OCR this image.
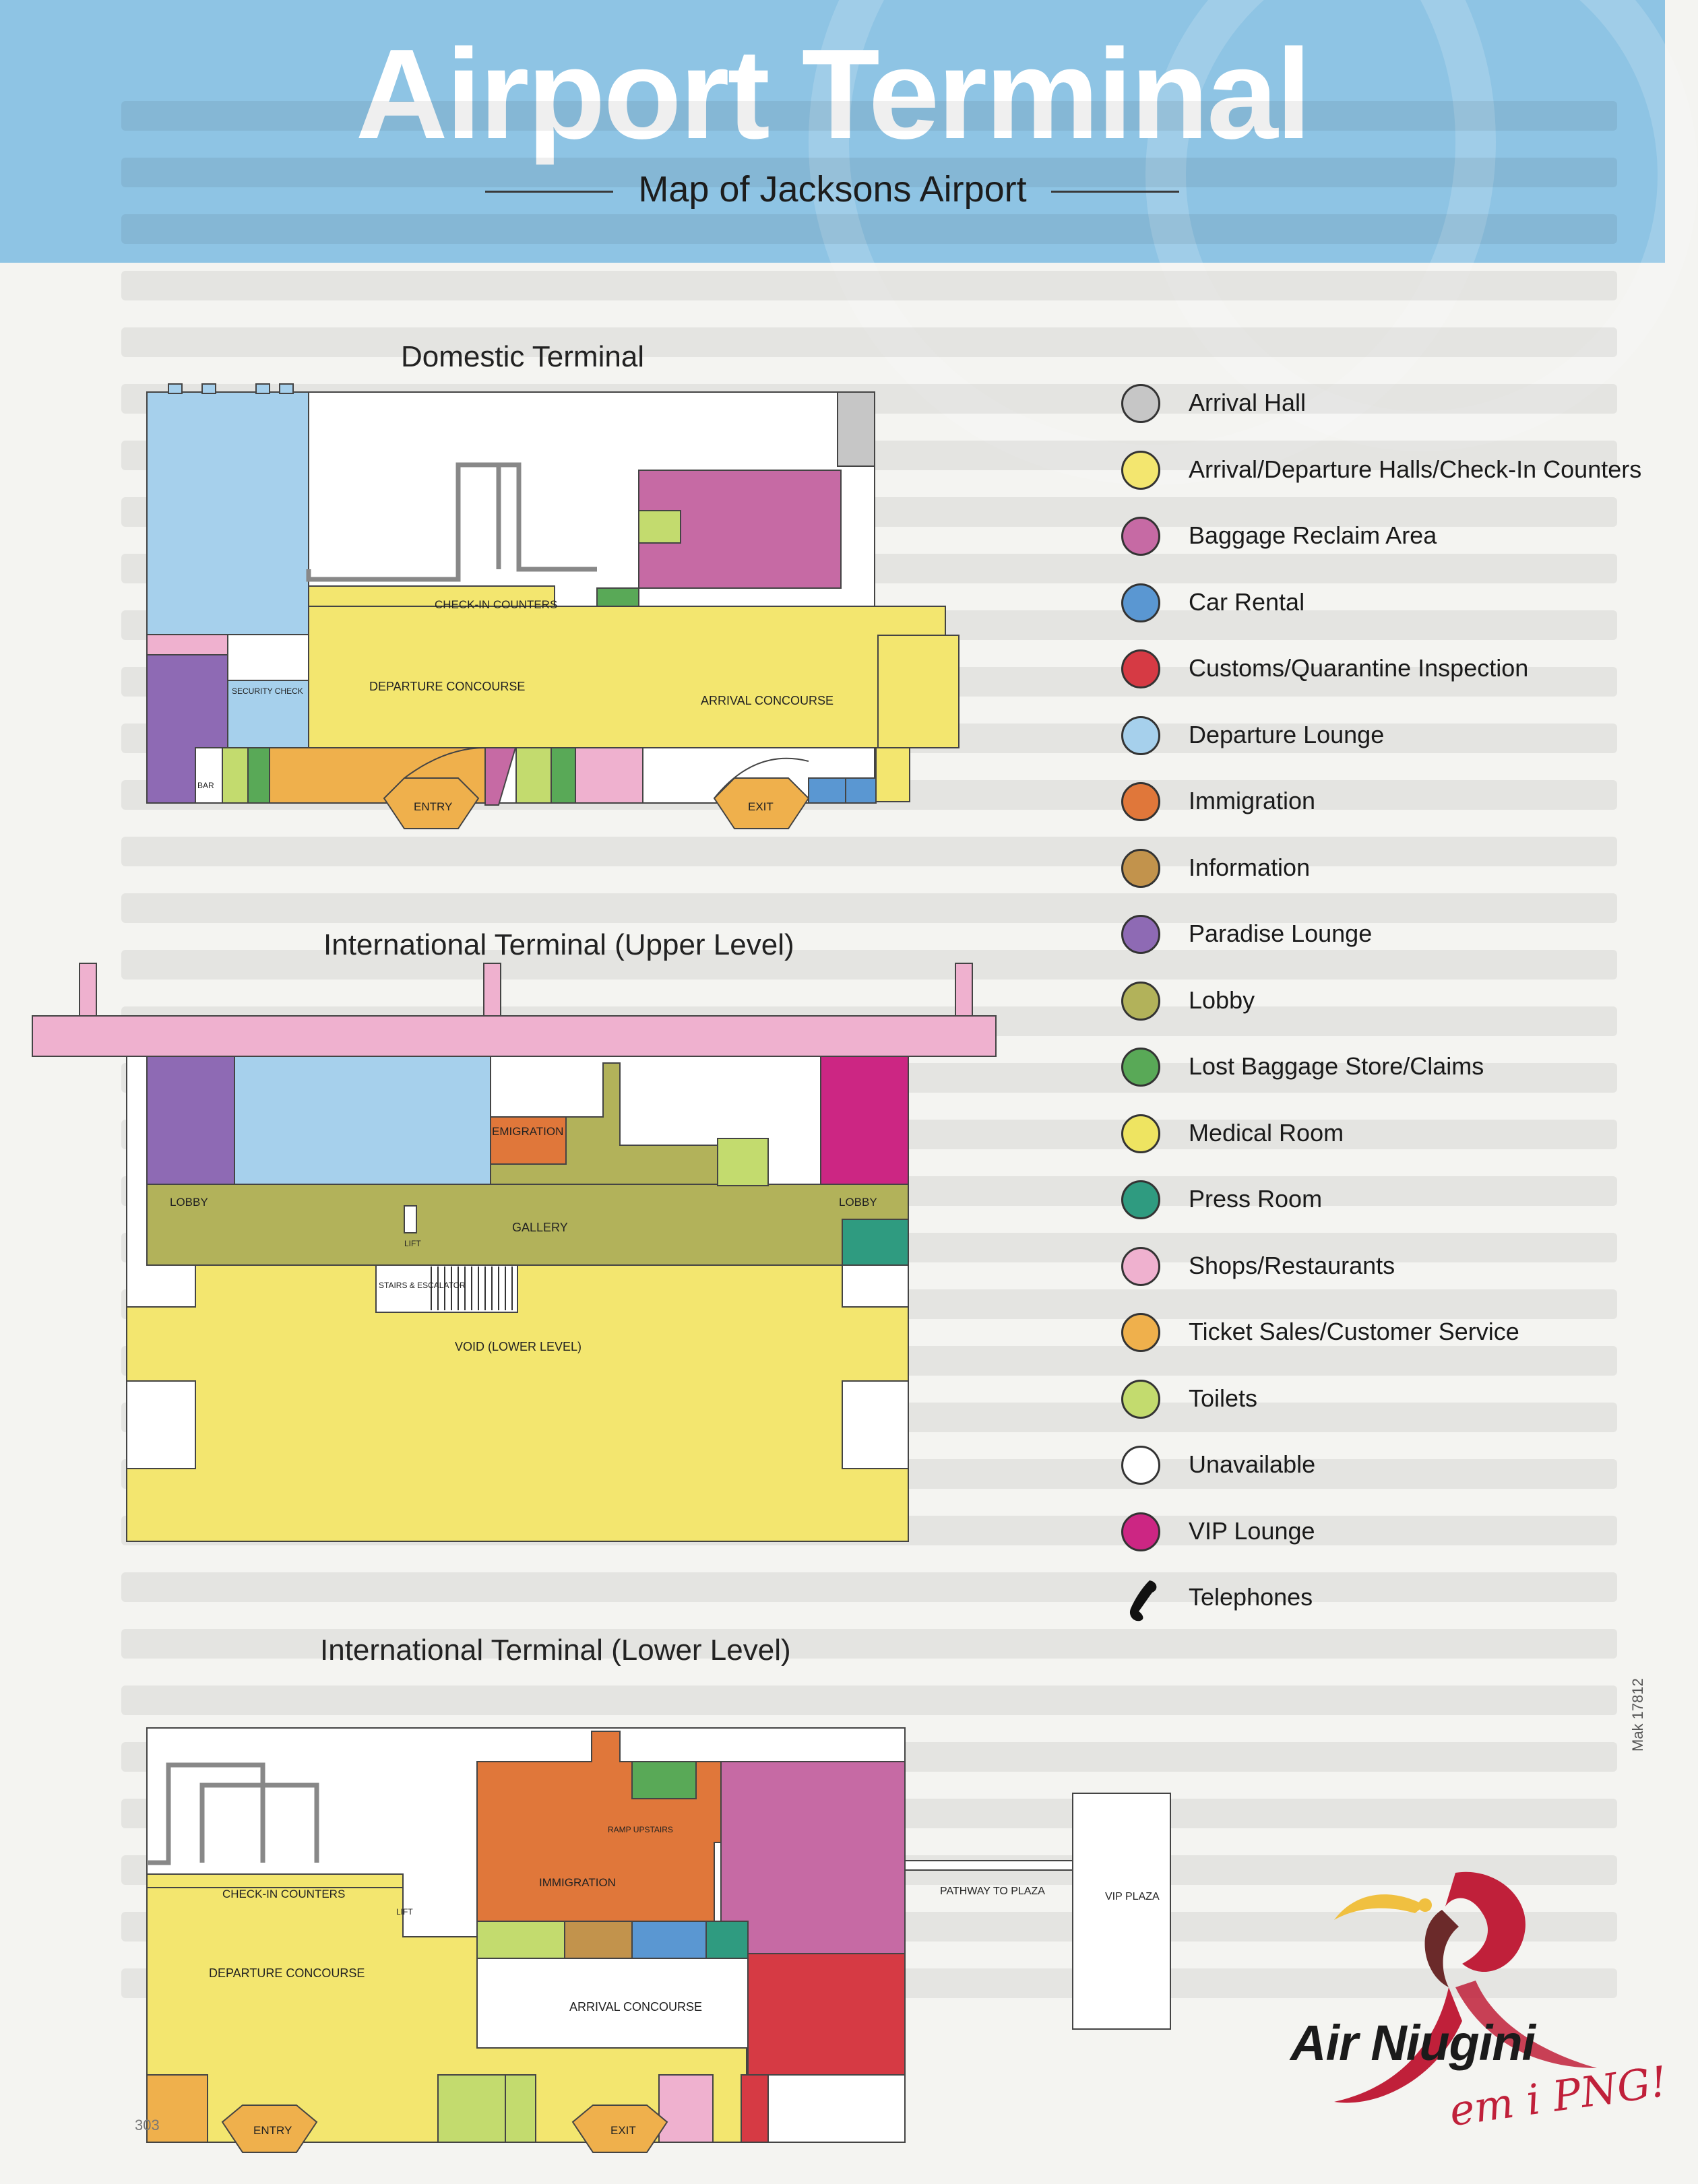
Airport Terminal
Map of Jacksons Airport
Domestic Terminal
International Terminal (Upper Level)
International Terminal (Lower Level)
CHECK-IN COUNTERS
DEPARTURE CONCOURSE
ARRIVAL CONCOURSE
SECURITY CHECK
BAR
ENTRY	EXIT
EMIGRATION
LOBBY	LOBBY
GALLERY
LIFT
STAIRS & ESCALATOR
VOID (LOWER LEVEL)
CHECK-IN COUNTERS
LIFT
DEPARTURE CONCOURSE
IMMIGRATION
RAMP UPSTAIRS
ARRIVAL CONCOURSE
PATHWAY TO PLAZA	VIP PLAZA
ENTRY	EXIT
Arrival Hall
Arrival/Departure Halls/Check-In Counters
Baggage Reclaim Area
Car Rental
Customs/Quarantine Inspection
Departure Lounge
Immigration
Information
Paradise Lounge
Lobby
Lost Baggage Store/Claims
Medical Room
Press Room
Shops/Restaurants
Ticket Sales/Customer Service
Toilets
Unavailable
VIP Lounge
Telephones
Mak 17812
Air Niugini
em i PNG!
303
